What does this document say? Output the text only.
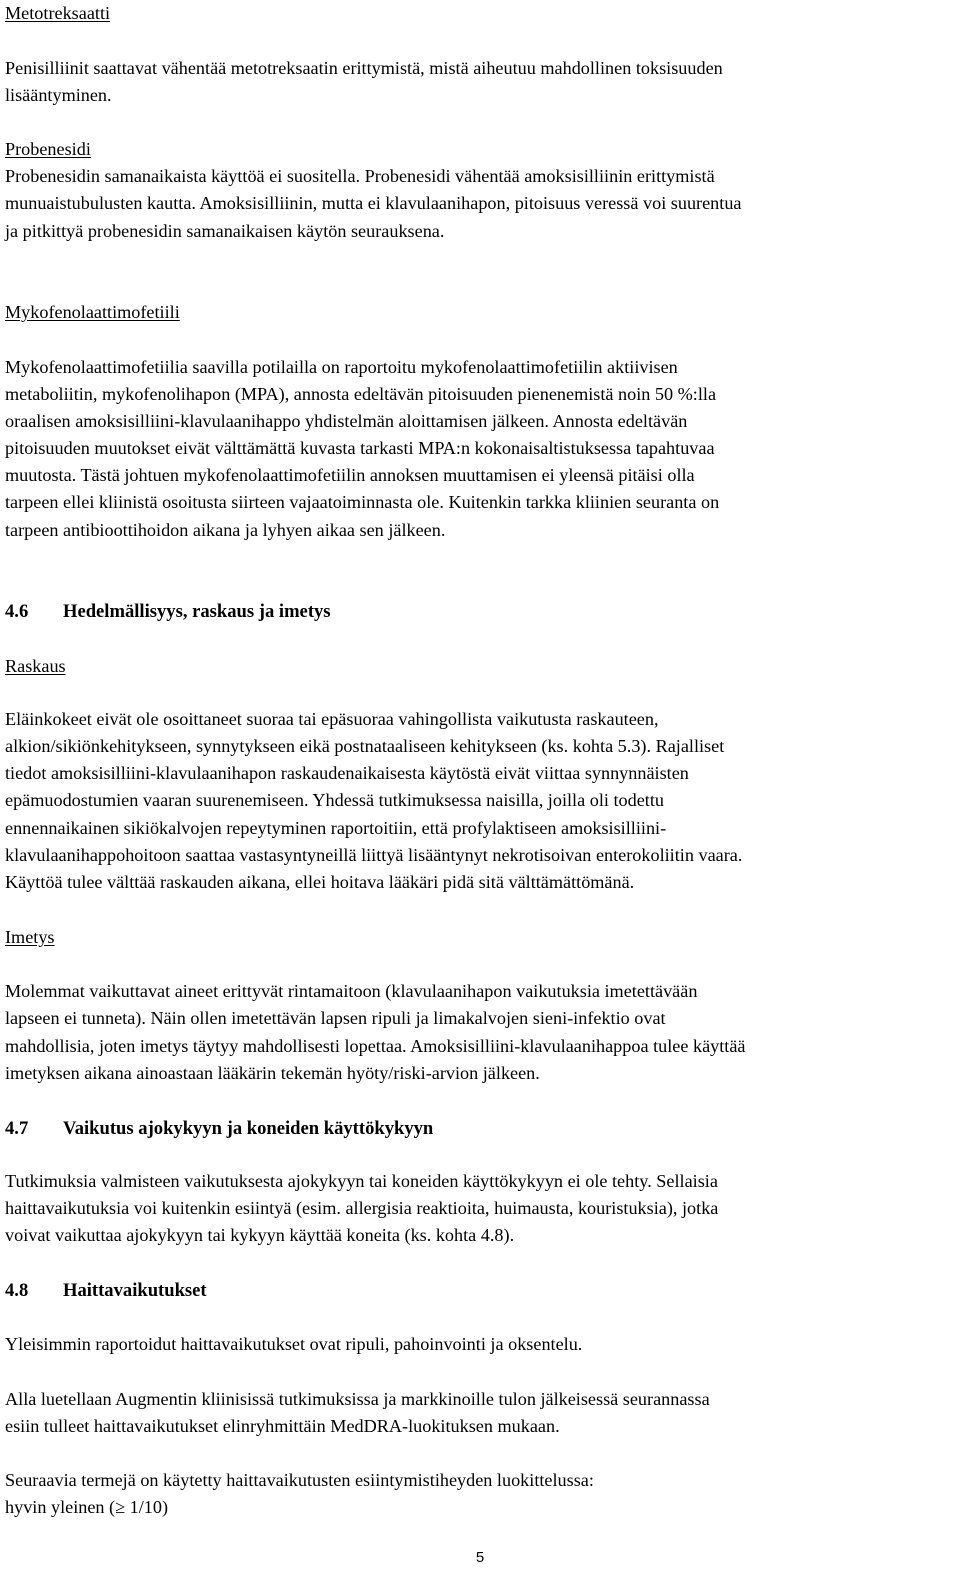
Metotreksaatti

Penisilliinit saattavat vähentää metotreksaatin erittymistä, mistä aiheutuu mahdollinen toksisuuden

lisääntyminen.

Probenesidi

Probenesidin samanaikaista käyttöä ei suositella. Probenesidi vähentää amoksisilliinin erittymistä

munuaistubulusten kautta. Amoksisilliinin, mutta ei klavulaanihapon, pitoisuus veressä voi suurentua

ja pitkittyä probenesidin samanaikaisen käytön seurauksena.

Mykofenolaattimofetiili

Mykofenolaattimofetiilia saavilla potilailla on raportoitu mykofenolaattimofetiilin aktiivisen

metaboliitin, mykofenolihapon (MPA), annosta edeltävän pitoisuuden pienenemistä noin 50 %:lla

oraalisen amoksisilliini-klavulaanihappo yhdistelmän aloittamisen jälkeen. Annosta edeltävän

pitoisuuden muutokset eivät välttämättä kuvasta tarkasti MPA:n kokonaisaltistuksessa tapahtuvaa

muutosta. Tästä johtuen mykofenolaattimofetiilin annoksen muuttamisen ei yleensä pitäisi olla

tarpeen ellei kliinistä osoitusta siirteen vajaatoiminnasta ole. Kuitenkin tarkka kliinien seuranta on

tarpeen antibioottihoidon aikana ja lyhyen aikaa sen jälkeen.

4.6 Hedelmällisyys, raskaus ja imetys

Raskaus

Eläinkokeet eivät ole osoittaneet suoraa tai epäsuoraa vahingollista vaikutusta raskauteen,

alkion/sikiönkehitykseen, synnytykseen eikä postnataaliseen kehitykseen (ks. kohta 5.3). Rajalliset

tiedot amoksisilliini-klavulaanihapon raskaudenaikaisesta käytöstä eivät viittaa synnynnäisten

epämuodostumien vaaran suurenemiseen. Yhdessä tutkimuksessa naisilla, joilla oli todettu

ennennaikainen sikiökalvojen repeytyminen raportoitiin, että profylaktiseen amoksisilliini-

klavulaanihappohoitoon saattaa vastasyntyneillä liittyä lisääntynyt nekrotisoivan enterokoliitin vaara.

Käyttöä tulee välttää raskauden aikana, ellei hoitava lääkäri pidä sitä välttämättömänä.

Imetys

Molemmat vaikuttavat aineet erittyvät rintamaitoon (klavulaanihapon vaikutuksia imetettävään

lapseen ei tunneta). Näin ollen imetettävän lapsen ripuli ja limakalvojen sieni-infektio ovat

mahdollisia, joten imetys täytyy mahdollisesti lopettaa. Amoksisilliini-klavulaanihappoa tulee käyttää

imetyksen aikana ainoastaan lääkärin tekemän hyöty/riski-arvion jälkeen.

4.7 Vaikutus ajokykyyn ja koneiden käyttökykyyn

Tutkimuksia valmisteen vaikutuksesta ajokykyyn tai koneiden käyttökykyyn ei ole tehty. Sellaisia

haittavaikutuksia voi kuitenkin esiintyä (esim. allergisia reaktioita, huimausta, kouristuksia), jotka

voivat vaikuttaa ajokykyyn tai kykyyn käyttää koneita (ks. kohta 4.8).

4.8 Haittavaikutukset

Yleisimmin raportoidut haittavaikutukset ovat ripuli, pahoinvointi ja oksentelu.

Alla luetellaan Augmentin kliinisissä tutkimuksissa ja markkinoille tulon jälkeisessä seurannassa

esiin tulleet haittavaikutukset elinryhmittäin MedDRA-luokituksen mukaan.

Seuraavia termejä on käytetty haittavaikutusten esiintymistiheyden luokittelussa:

hyvin yleinen (≥ 1/10)

5
